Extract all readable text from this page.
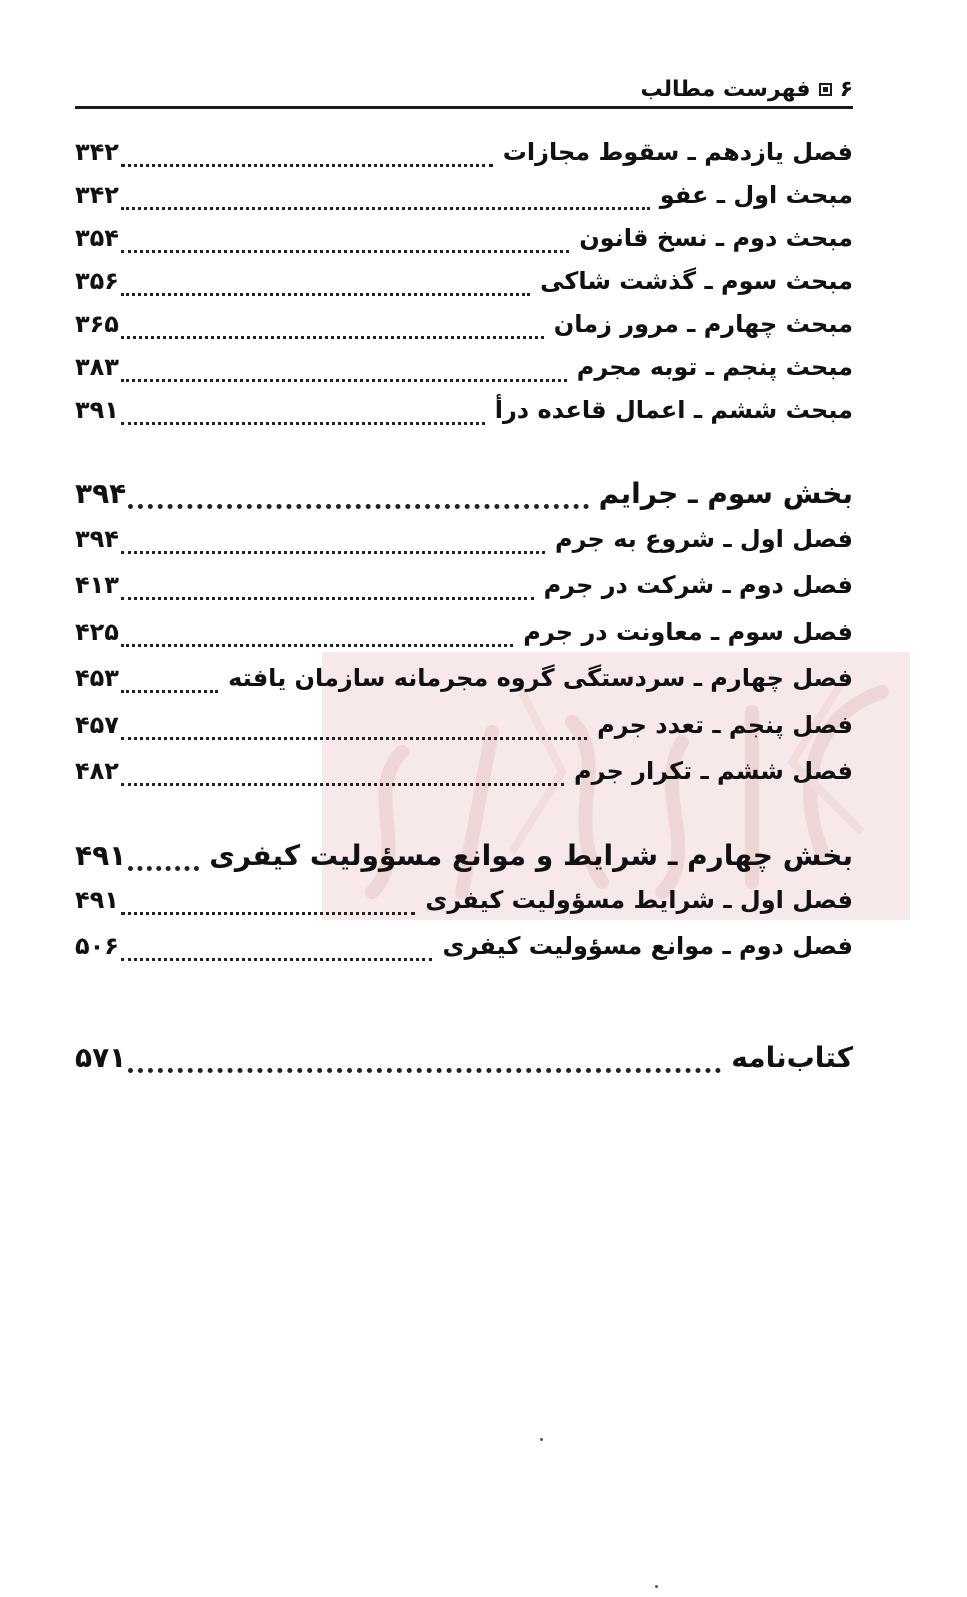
۶
فهرست مطالب
فصل یازدهم ـ سقوط مجازات
۳۴۲
مبحث اول ـ عفو
۳۴۲
مبحث دوم ـ نسخ قانون
۳۵۴
مبحث سوم ـ گذشت شاکی
۳۵۶
مبحث چهارم ـ مرور زمان
۳۶۵
مبحث پنجم ـ توبه مجرم
۳۸۳
مبحث ششم ـ اعمال قاعده درأ
۳۹۱
بخش سوم ـ جرایم
۳۹۴
فصل اول ـ شروع به جرم
۳۹۴
فصل دوم ـ شرکت در جرم
۴۱۳
فصل سوم ـ معاونت در جرم
۴۲۵
فصل چهارم ـ سردستگی گروه مجرمانه سازمان یافته
۴۵۳
فصل پنجم ـ تعدد جرم
۴۵۷
فصل ششم ـ تکرار جرم
۴۸۲
بخش چهارم ـ شرایط و موانع مسؤولیت کیفری
۴۹۱
فصل اول ـ شرایط مسؤولیت کیفری
۴۹۱
فصل دوم ـ موانع مسؤولیت کیفری
۵۰۶
کتاب‌نامه
۵۷۱
